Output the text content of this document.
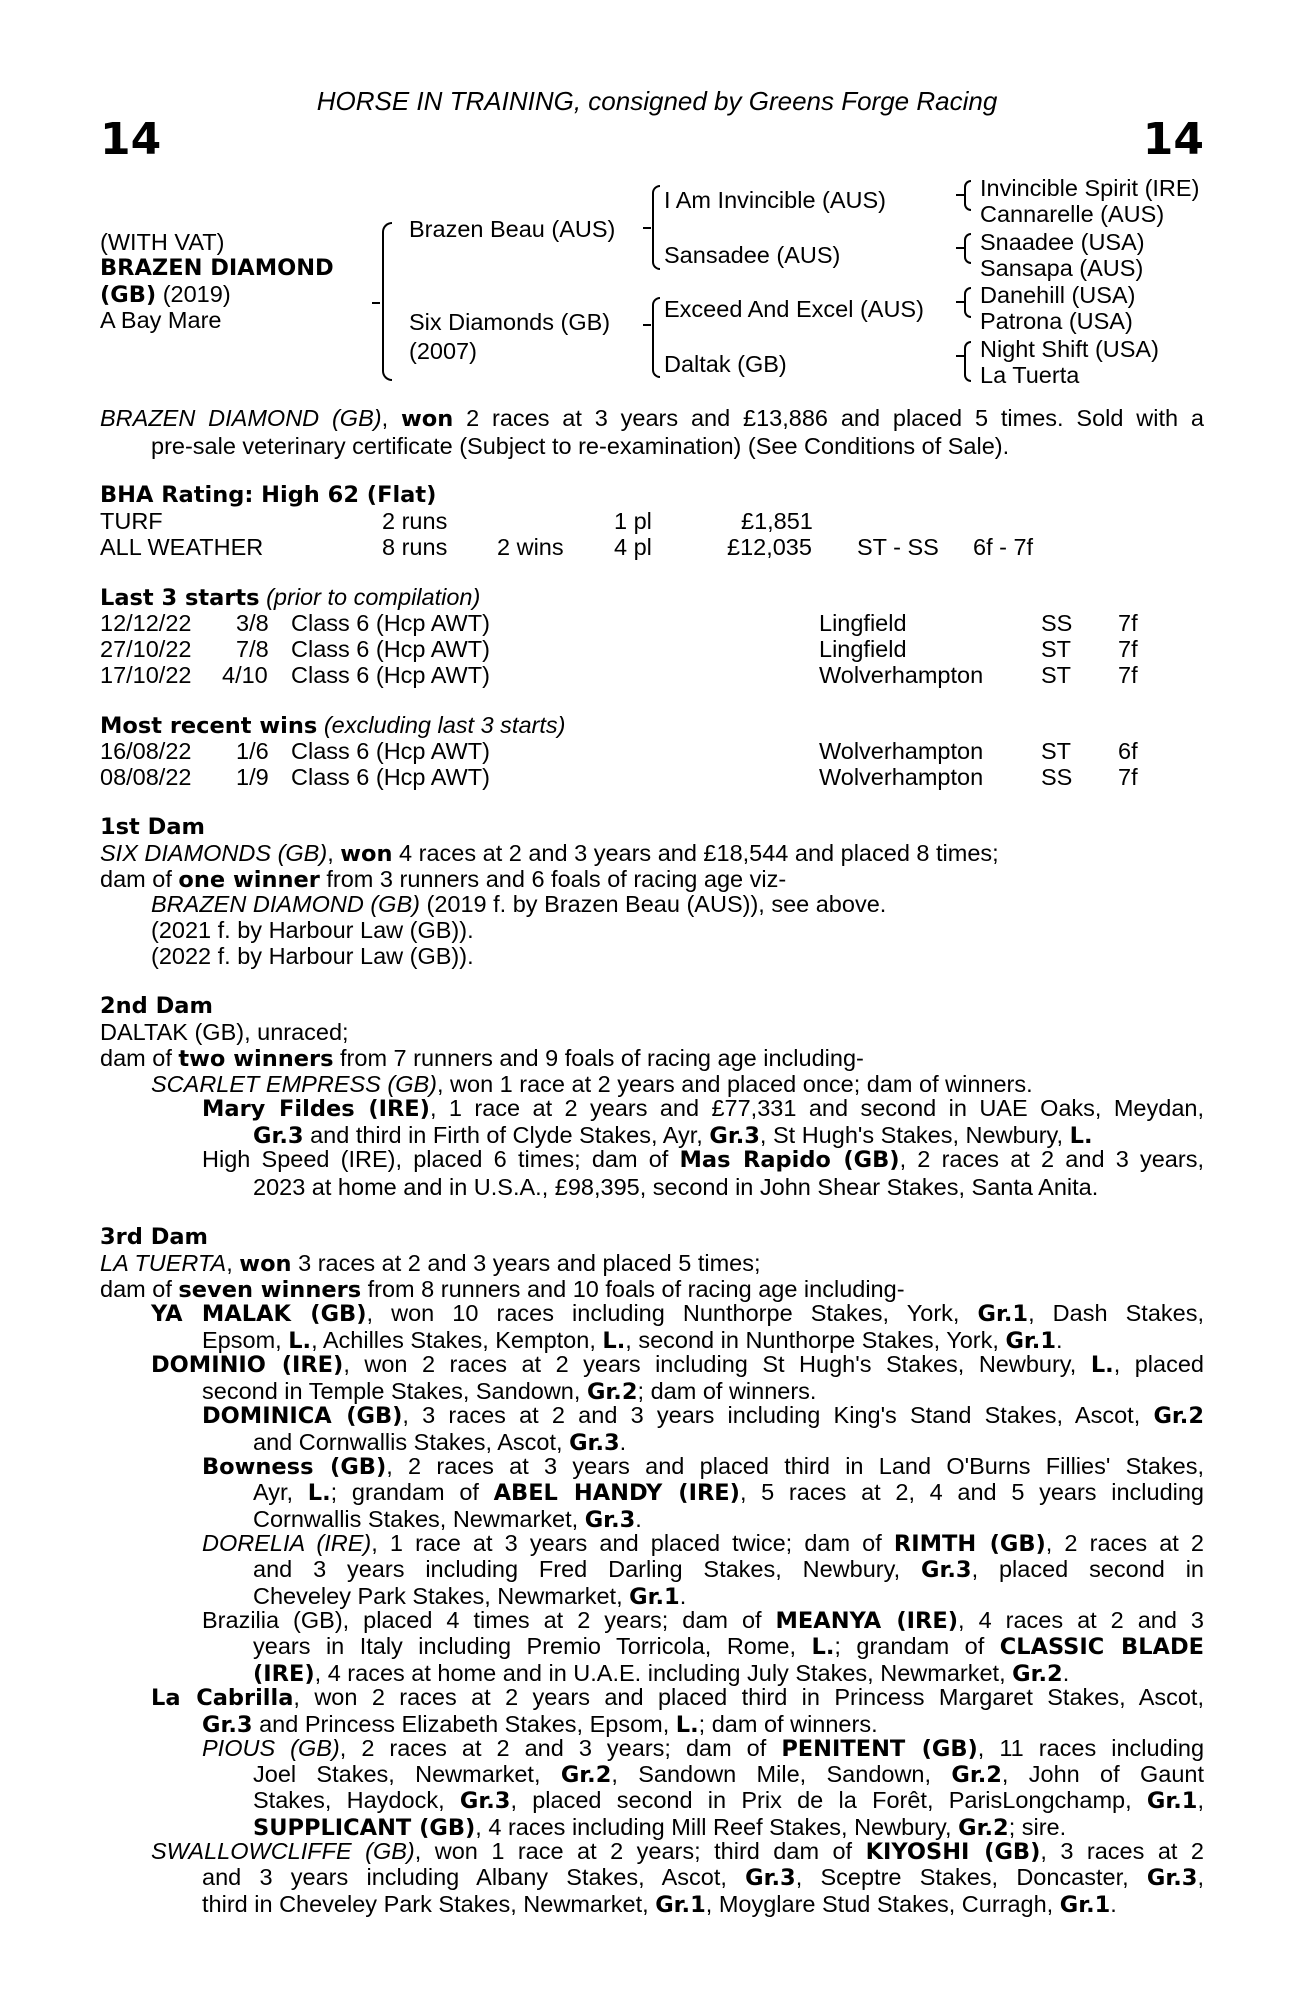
HORSE IN TRAINING, consigned by Greens Forge Racing
14	14
(WITH VAT)
BRAZEN DIAMOND
(GB) (2019)
A Bay Mare
Brazen Beau (AUS)
Six Diamonds (GB)
(2007)
I Am Invincible (AUS)
Sansadee (AUS)
Exceed And Excel (AUS)
Daltak (GB)
Invincible Spirit (IRE)
Cannarelle (AUS)
Snaadee (USA)
Sansapa (AUS)
Danehill (USA)
Patrona (USA)
Night Shift (USA)
La Tuerta
BRAZEN DIAMOND (GB), won 2 races at 3 years and £13,886 and placed 5 times. Sold with a
pre-sale veterinary certificate (Subject to re-examination) (See Conditions of Sale).
BHA Rating: High 62 (Flat)
TURF	2 runs	1 pl	£1,851
ALL WEATHER	8 runs 2 wins 4 pl	£12,035 ST - SS 6f - 7f
Last 3 starts (prior to compilation)
12/12/22 3/8 Class 6 (Hcp AWT)	Lingfield	SS 7f
27/10/22 7/8 Class 6 (Hcp AWT)	Lingfield	ST 7f
17/10/22 4/10 Class 6 (Hcp AWT)	Wolverhampton ST 7f
Most recent wins (excluding last 3 starts)
16/08/22 1/6 Class 6 (Hcp AWT)	Wolverhampton ST 6f
08/08/22 1/9 Class 6 (Hcp AWT)	Wolverhampton SS 7f
1st Dam
SIX DIAMONDS (GB), won 4 races at 2 and 3 years and £18,544 and placed 8 times;
dam of one winner from 3 runners and 6 foals of racing age viz-
BRAZEN DIAMOND (GB) (2019 f. by Brazen Beau (AUS)), see above.
(2021 f. by Harbour Law (GB)).
(2022 f. by Harbour Law (GB)).
2nd Dam
DALTAK (GB), unraced;
dam of two winners from 7 runners and 9 foals of racing age including-
SCARLET EMPRESS (GB), won 1 race at 2 years and placed once; dam of winners.
Mary Fildes (IRE), 1 race at 2 years and £77,331 and second in UAE Oaks, Meydan,
Gr.3 and third in Firth of Clyde Stakes, Ayr, Gr.3, St Hugh's Stakes, Newbury, L.
High Speed (IRE), placed 6 times; dam of Mas Rapido (GB), 2 races at 2 and 3 years,
2023 at home and in U.S.A., £98,395, second in John Shear Stakes, Santa Anita.
3rd Dam
LA TUERTA, won 3 races at 2 and 3 years and placed 5 times;
dam of seven winners from 8 runners and 10 foals of racing age including-
YA MALAK (GB), won 10 races including Nunthorpe Stakes, York, Gr.1, Dash Stakes,
Epsom, L., Achilles Stakes, Kempton, L., second in Nunthorpe Stakes, York, Gr.1.
DOMINIO (IRE), won 2 races at 2 years including St Hugh's Stakes, Newbury, L., placed
second in Temple Stakes, Sandown, Gr.2; dam of winners.
DOMINICA (GB), 3 races at 2 and 3 years including King's Stand Stakes, Ascot, Gr.2
and Cornwallis Stakes, Ascot, Gr.3.
Bowness (GB), 2 races at 3 years and placed third in Land O'Burns Fillies' Stakes,
Ayr, L.; grandam of ABEL HANDY (IRE), 5 races at 2, 4 and 5 years including
Cornwallis Stakes, Newmarket, Gr.3.
DORELIA (IRE), 1 race at 3 years and placed twice; dam of RIMTH (GB), 2 races at 2
and 3 years including Fred Darling Stakes, Newbury, Gr.3, placed second in
Cheveley Park Stakes, Newmarket, Gr.1.
Brazilia (GB), placed 4 times at 2 years; dam of MEANYA (IRE), 4 races at 2 and 3
years in Italy including Premio Torricola, Rome, L.; grandam of CLASSIC BLADE
(IRE), 4 races at home and in U.A.E. including July Stakes, Newmarket, Gr.2.
La Cabrilla, won 2 races at 2 years and placed third in Princess Margaret Stakes, Ascot,
Gr.3 and Princess Elizabeth Stakes, Epsom, L.; dam of winners.
PIOUS (GB), 2 races at 2 and 3 years; dam of PENITENT (GB), 11 races including
Joel Stakes, Newmarket, Gr.2, Sandown Mile, Sandown, Gr.2, John of Gaunt
Stakes, Haydock, Gr.3, placed second in Prix de la Forêt, ParisLongchamp, Gr.1,
SUPPLICANT (GB), 4 races including Mill Reef Stakes, Newbury, Gr.2; sire.
SWALLOWCLIFFE (GB), won 1 race at 2 years; third dam of KIYOSHI (GB), 3 races at 2
and 3 years including Albany Stakes, Ascot, Gr.3, Sceptre Stakes, Doncaster, Gr.3,
third in Cheveley Park Stakes, Newmarket, Gr.1, Moyglare Stud Stakes, Curragh, Gr.1.
